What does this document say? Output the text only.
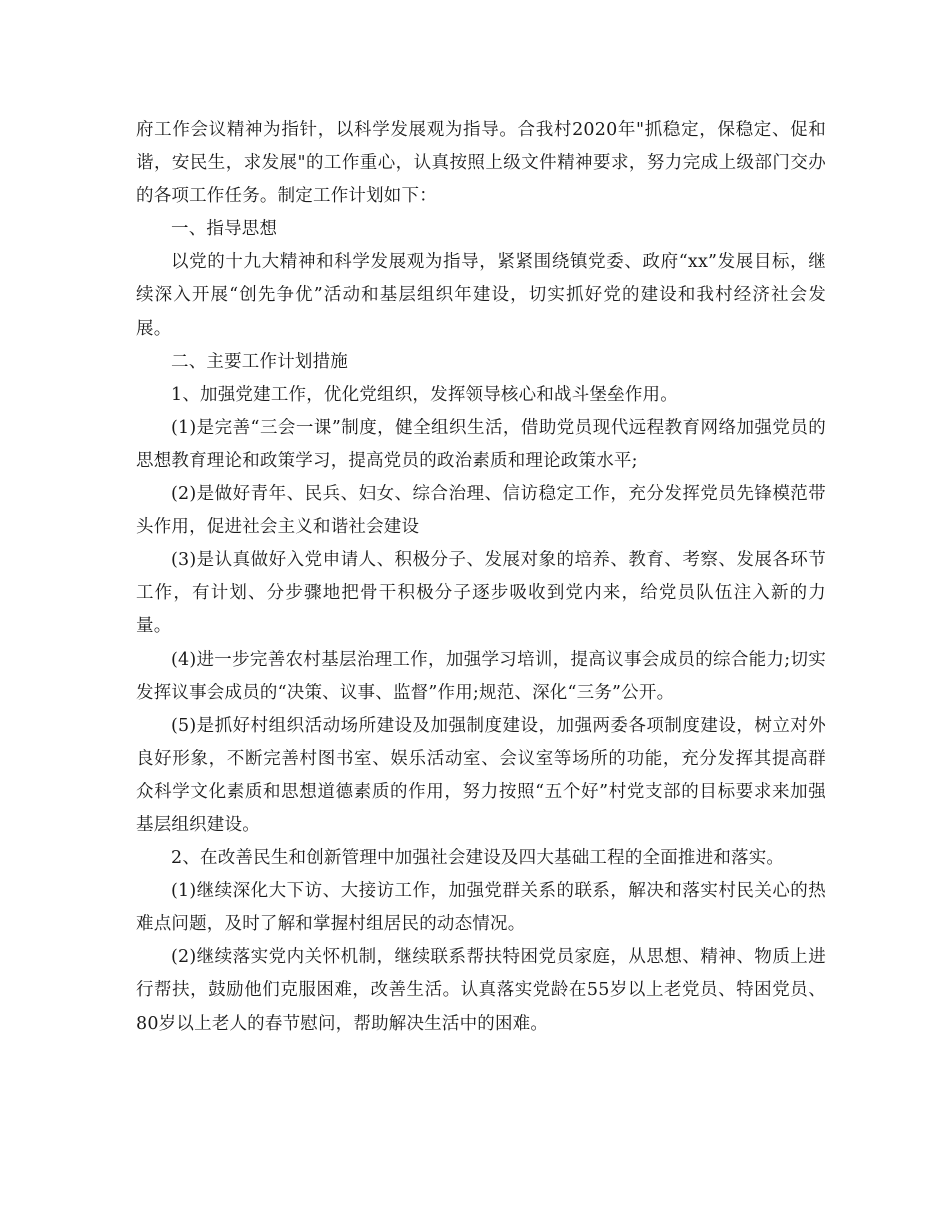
府工作会议精神为指针，以科学发展观为指导。合我村2020年"抓稳定，保稳定、促和谐，安民生，求发展"的工作重心，认真按照上级文件精神要求，努力完成上级部门交办的各项工作任务。制定工作计划如下：

一、指导思想

以党的十九大精神和科学发展观为指导，紧紧围绕镇党委、政府“xx”发展目标，继续深入开展“创先争优”活动和基层组织年建设，切实抓好党的建设和我村经济社会发展。

二、主要工作计划措施

1、加强党建工作，优化党组织，发挥领导核心和战斗堡垒作用。

(1)是完善“三会一课”制度，健全组织生活，借助党员现代远程教育网络加强党员的思想教育理论和政策学习，提高党员的政治素质和理论政策水平;

(2)是做好青年、民兵、妇女、综合治理、信访稳定工作，充分发挥党员先锋模范带头作用，促进社会主义和谐社会建设

(3)是认真做好入党申请人、积极分子、发展对象的培养、教育、考察、发展各环节工作，有计划、分步骤地把骨干积极分子逐步吸收到党内来，给党员队伍注入新的力量。

(4)进一步完善农村基层治理工作，加强学习培训，提高议事会成员的综合能力;切实发挥议事会成员的“决策、议事、监督”作用;规范、深化“三务”公开。

(5)是抓好村组织活动场所建设及加强制度建设，加强两委各项制度建设，树立对外良好形象，不断完善村图书室、娱乐活动室、会议室等场所的功能，充分发挥其提高群众科学文化素质和思想道德素质的作用，努力按照“五个好”村党支部的目标要求来加强基层组织建设。

2、在改善民生和创新管理中加强社会建设及四大基础工程的全面推进和落实。

(1)继续深化大下访、大接访工作，加强党群关系的联系，解决和落实村民关心的热难点问题，及时了解和掌握村组居民的动态情况。

(2)继续落实党内关怀机制，继续联系帮扶特困党员家庭，从思想、精神、物质上进行帮扶，鼓励他们克服困难，改善生活。认真落实党龄在55岁以上老党员、特困党员、80岁以上老人的春节慰问，帮助解决生活中的困难。
